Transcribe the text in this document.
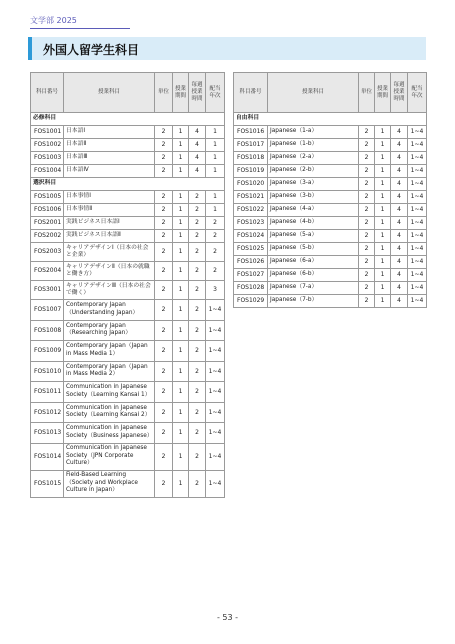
文学部 2025
外国人留学生科目
科目番号	授業科目	単位	授業期間	毎週授業時間	配当年次
必修科目					
FOS1001	日本語Ⅰ	2	1	4	1
FOS1002	日本語Ⅱ	2	1	4	1
FOS1003	日本語Ⅲ	2	1	4	1
FOS1004	日本語Ⅳ	2	1	4	1
選択科目					
FOS1005	日本事情Ⅰ	2	1	2	1
FOS1006	日本事情Ⅱ	2	1	2	1
FOS2001	実践ビジネス日本語Ⅰ	2	1	2	2
FOS2002	実践ビジネス日本語Ⅱ	2	1	2	2
FOS2003	キャリアデザインⅠ（日本の社会と企業）	2	1	2	2
FOS2004	キャリアデザインⅡ（日本の就職と働き方）	2	1	2	2
FOS3001	キャリアデザインⅢ（日本の社会で働く）	2	1	2	3
FOS1007	Contemporary Japan（Understanding Japan）	2	1	2	1~4
FOS1008	Contemporary Japan（Researching Japan）	2	1	2	1~4
FOS1009	Contemporary Japan（Japan in Mass Media 1）	2	1	2	1~4
FOS1010	Contemporary Japan（Japan in Mass Media 2）	2	1	2	1~4
FOS1011	Communication in Japanese Society（Learning Kansai 1）	2	1	2	1~4
FOS1012	Communication in Japanese Society（Learning Kansai 2）	2	1	2	1~4
FOS1013	Communication in Japanese Society（Business Japanese）	2	1	2	1~4
FOS1014	Communication in Japanese Society（JPN Corporate Culture）	2	1	2	1~4
FOS1015	Field-Based Learning（Society and Workplace Culture in Japan）	2	1	2	1~4
科目番号	授業科目	単位	授業期間	毎週授業時間	配当年次
自由科目					
FOS1016	Japanese（1-a）	2	1	4	1~4
FOS1017	Japanese（1-b）	2	1	4	1~4
FOS1018	Japanese（2-a）	2	1	4	1~4
FOS1019	Japanese（2-b）	2	1	4	1~4
FOS1020	Japanese（3-a）	2	1	4	1~4
FOS1021	Japanese（3-b）	2	1	4	1~4
FOS1022	Japanese（4-a）	2	1	4	1~4
FOS1023	Japanese（4-b）	2	1	4	1~4
FOS1024	Japanese（5-a）	2	1	4	1~4
FOS1025	Japanese（5-b）	2	1	4	1~4
FOS1026	Japanese（6-a）	2	1	4	1~4
FOS1027	Japanese（6-b）	2	1	4	1~4
FOS1028	Japanese（7-a）	2	1	4	1~4
FOS1029	Japanese（7-b）	2	1	4	1~4
- 53 -
